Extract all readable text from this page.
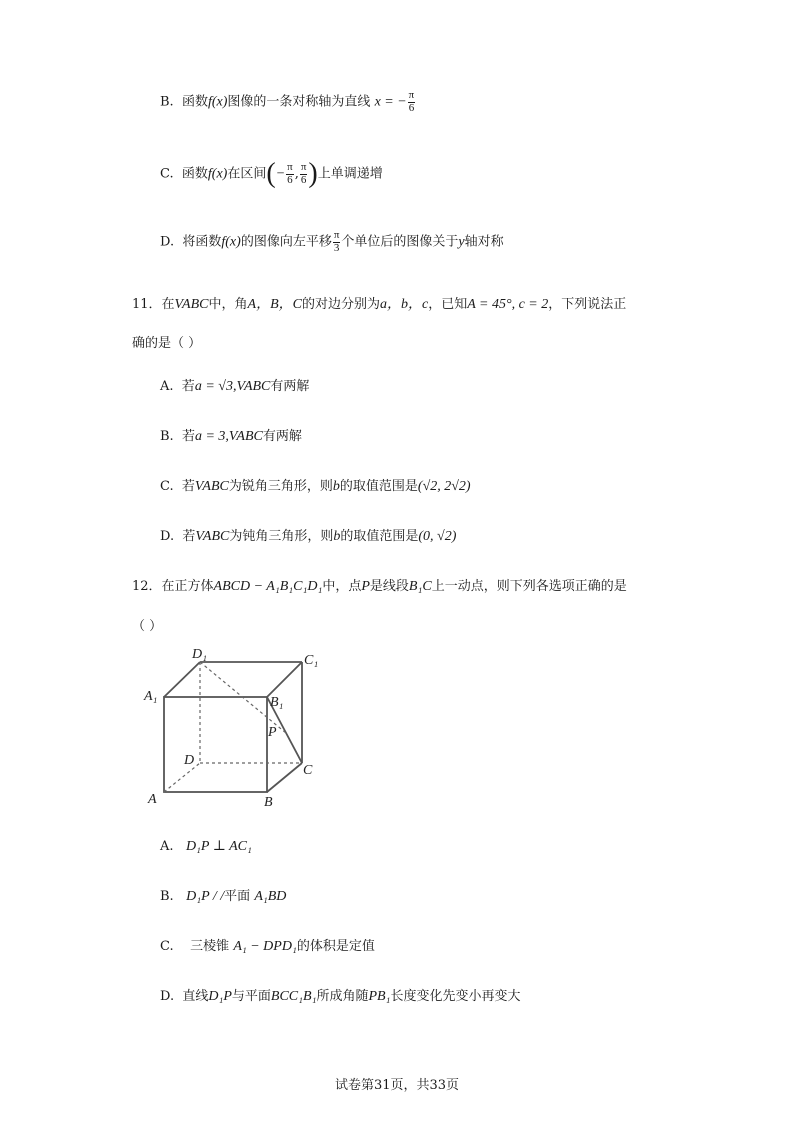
B. 函数f(x)图像的一条对称轴为直线 x = − $\frac{\pi}{6}$
C. 函数f(x)在区间(− $\frac{\pi}{6}$ , $\frac{\pi}{6}$ )上单调递增
D. 将函数f(x)的图像向左平移 $\frac{\pi}{3}$ 个单位后的图像关于y轴对称
11．在VABC中，角A，B，C的对边分别为a，b，c，已知A = 45°, c = 2，下列说法正
确的是（ ）
A. 若a = √3,VABC有两解
B. 若a = 3,VABC有两解
C. 若VABC为锐角三角形，则b的取值范围是(√2, 2√2)
D. 若VABC为钝角三角形，则b的取值范围是(0, √2)
12．在正方体ABCD − A₁B₁C₁D₁中，点P是线段B₁C上一动点，则下列各选项正确的是
（ ）
D₁	C₁
A₁	B₁
P
D
C
A	B
A. D₁P ⊥ AC₁
B. D₁P / /平面 A₁BD
C. 三棱锥 A₁ − DPD₁的体积是定值
D. 直线D₁P与平面BCC₁B₁所成角随PB₁长度变化先变小再变大
试卷第31页，共33页
